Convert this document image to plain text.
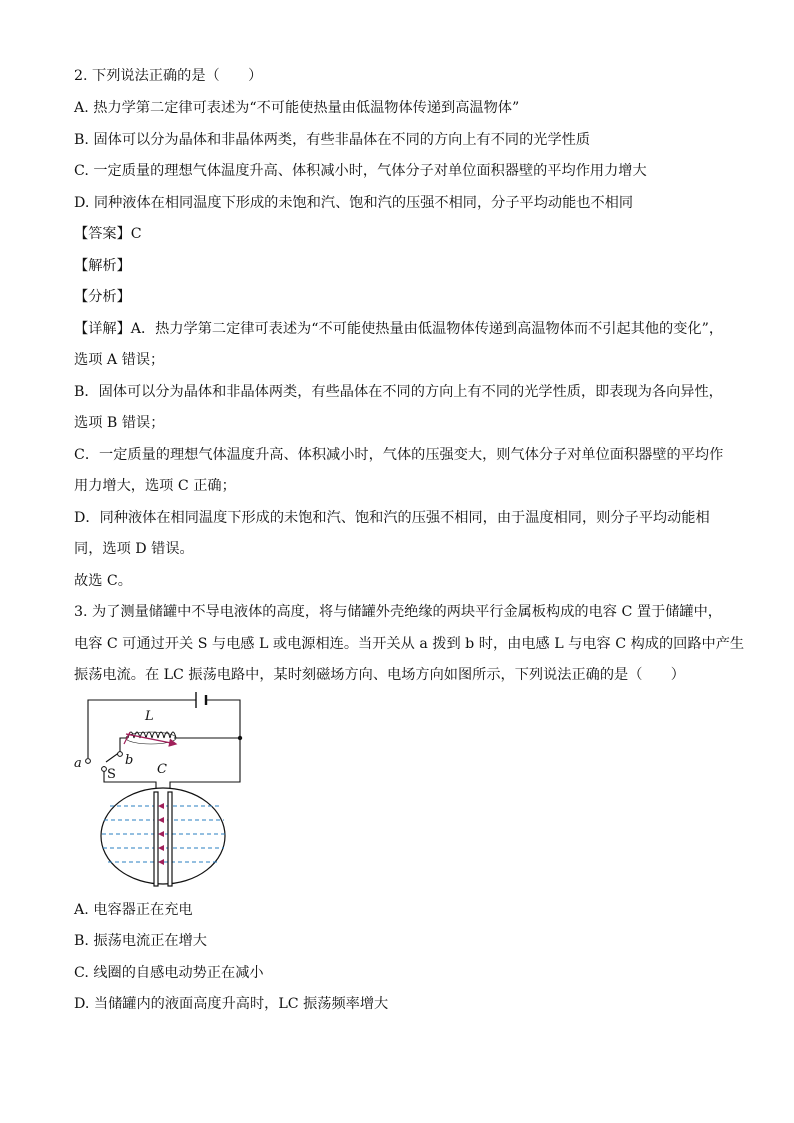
2. 下列说法正确的是（　　）
A. 热力学第二定律可表述为“不可能使热量由低温物体传递到高温物体”
B. 固体可以分为晶体和非晶体两类，有些非晶体在不同的方向上有不同的光学性质
C. 一定质量的理想气体温度升高、体积减小时，气体分子对单位面积器壁的平均作用力增大
D. 同种液体在相同温度下形成的未饱和汽、饱和汽的压强不相同，分子平均动能也不相同
【答案】C
【解析】
【分析】
【详解】A．热力学第二定律可表述为“不可能使热量由低温物体传递到高温物体而不引起其他的变化”，
选项 A 错误；
B．固体可以分为晶体和非晶体两类，有些晶体在不同的方向上有不同的光学性质，即表现为各向异性，
选项 B 错误；
C．一定质量的理想气体温度升高、体积减小时，气体的压强变大，则气体分子对单位面积器壁的平均作
用力增大，选项 C 正确；
D．同种液体在相同温度下形成的未饱和汽、饱和汽的压强不相同，由于温度相同，则分子平均动能相
同，选项 D 错误。
故选 C。
3. 为了测量储罐中不导电液体的高度，将与储罐外壳绝缘的两块平行金属板构成的电容 C 置于储罐中，
电容 C 可通过开关 S 与电感 L 或电源相连。当开关从 a 拨到 b 时，由电感 L 与电容 C 构成的回路中产生
振荡电流。在 LC 振荡电路中，某时刻磁场方向、电场方向如图所示，下列说法正确的是（　　）
L
C
a	b
S
A. 电容器正在充电
B. 振荡电流正在增大
C. 线圈的自感电动势正在减小
D. 当储罐内的液面高度升高时，LC 振荡频率增大
